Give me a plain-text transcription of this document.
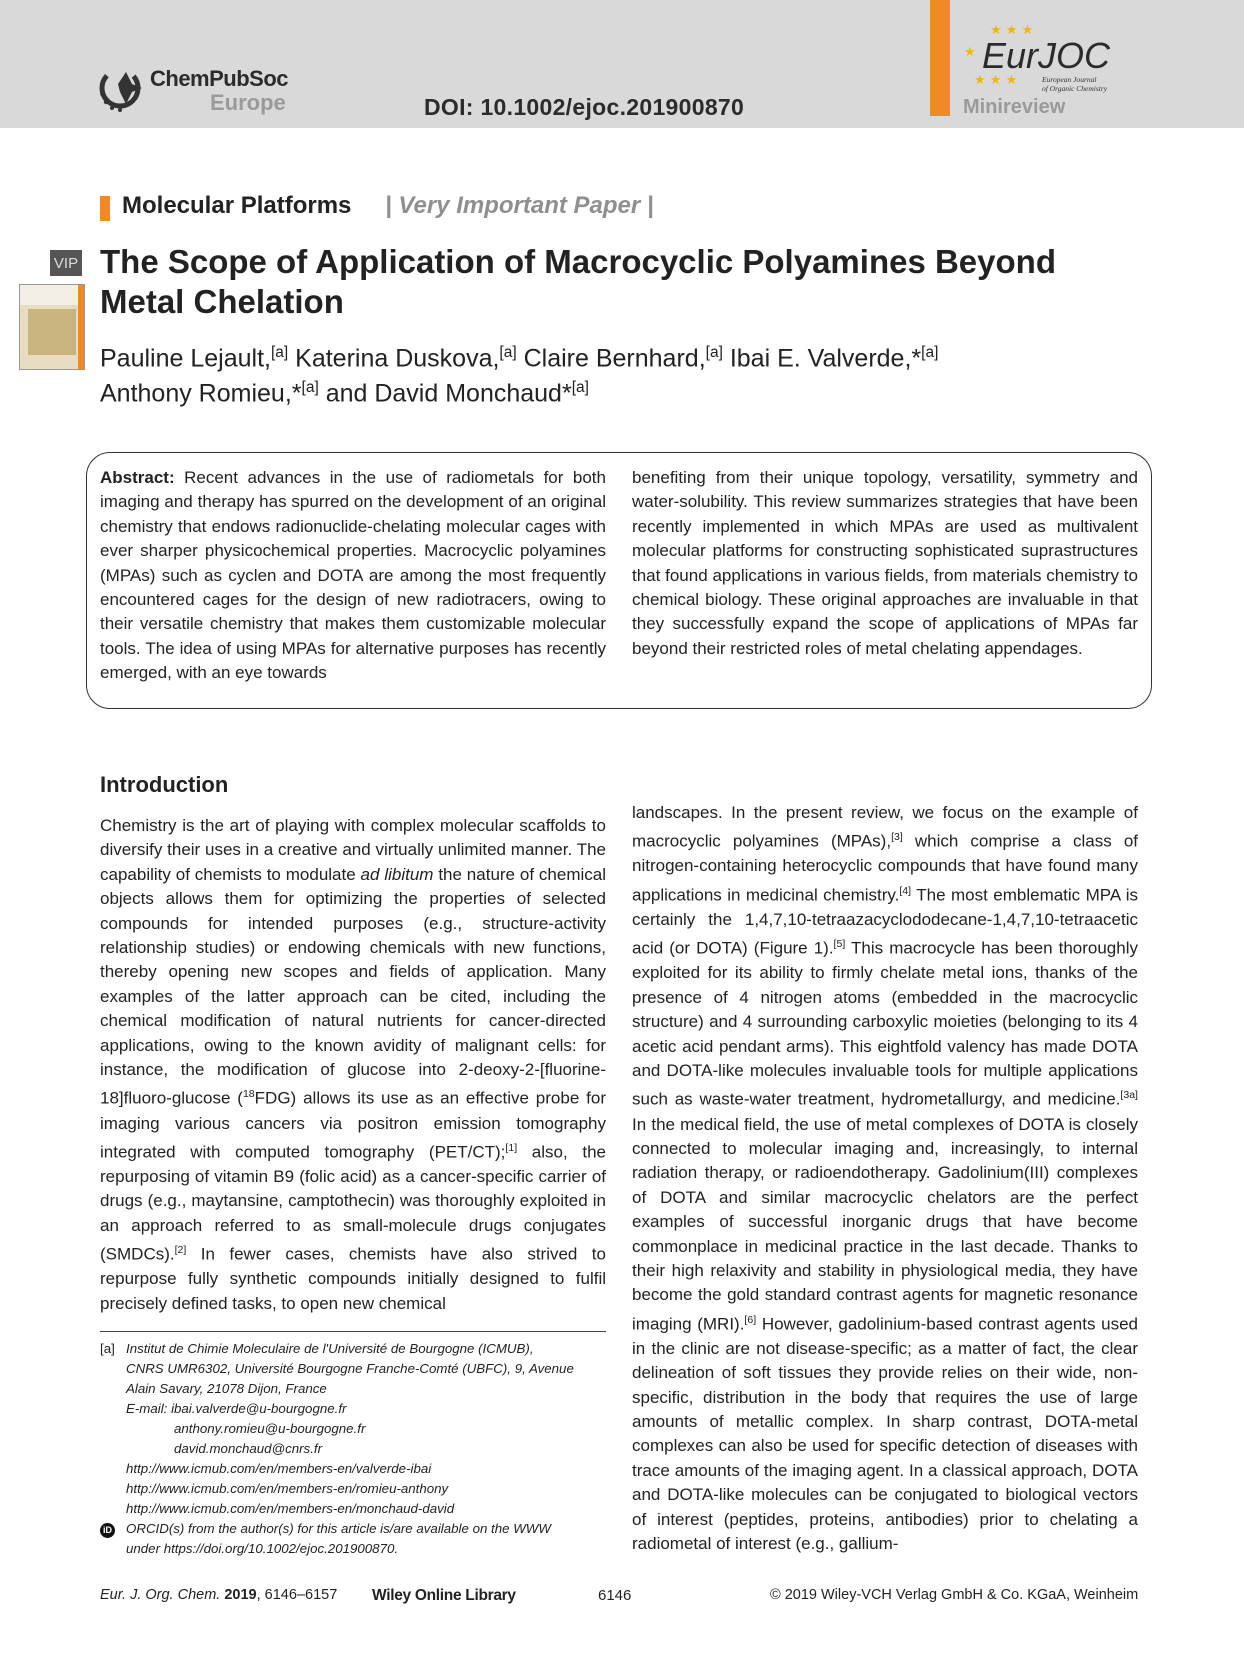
ChemPubSoc
Europe	DOI: 10.1002/ejoc.201900870
★ ★ ★
★
★ ★ ★
EurJOC
European Journal
of Organic Chemistry
Minireview
Molecular Platforms | Very Important Paper |
VIP The Scope of Application of Macrocyclic Polyamines Beyond Metal Chelation
Pauline Lejault,[a] Katerina Duskova,[a] Claire Bernhard,[a] Ibai E. Valverde,*[a]
Anthony Romieu,*[a] and David Monchaud*[a]

Abstract: Recent advances in the use of radiometals for both imaging and therapy has spurred on the development of an original chemistry that endows radionuclide-chelating molecular cages with ever sharper physicochemical properties. Macrocyclic polyamines (MPAs) such as cyclen and DOTA are among the most frequently encountered cages for the design of new radiotracers, owing to their versatile chemistry that makes them customizable molecular tools. The idea of using MPAs for alternative purposes has recently emerged, with an eye towards

benefiting from their unique topology, versatility, symmetry and water-solubility. This review summarizes strategies that have been recently implemented in which MPAs are used as multivalent molecular platforms for constructing sophisticated suprastructures that found applications in various fields, from materials chemistry to chemical biology. These original approaches are invaluable in that they successfully expand the scope of applications of MPAs far beyond their restricted roles of metal chelating appendages.

Introduction

Chemistry is the art of playing with complex molecular scaffolds to diversify their uses in a creative and virtually unlimited manner. The capability of chemists to modulate ad libitum the nature of chemical objects allows them for optimizing the properties of selected compounds for intended purposes (e.g., structure-activity relationship studies) or endowing chemicals with new functions, thereby opening new scopes and fields of application. Many examples of the latter approach can be cited, including the chemical modification of natural nutrients for cancer-directed applications, owing to the known avidity of malignant cells: for instance, the modification of glucose into 2-deoxy-2-[fluorine-18]fluoro-glucose ($^{18}$FDG) allows its use as an effective probe for imaging various cancers via positron emission tomography integrated with computed tomography (PET/CT);[1] also, the repurposing of vitamin B9 (folic acid) as a cancer-specific carrier of drugs (e.g., maytansine, camptothecin) was thoroughly exploited in an approach referred to as small-molecule drugs conjugates (SMDCs).[2] In fewer cases, chemists have also strived to repurpose fully synthetic compounds initially designed to fulfil precisely defined tasks, to open new chemical

landscapes. In the present review, we focus on the example of macrocyclic polyamines (MPAs),[3] which comprise a class of nitrogen-containing heterocyclic compounds that have found many applications in medicinal chemistry.[4] The most emblematic MPA is certainly the 1,4,7,10-tetraazacyclododecane-1,4,7,10-tetraacetic acid (or DOTA) (Figure 1).[5] This macrocycle has been thoroughly exploited for its ability to firmly chelate metal ions, thanks of the presence of 4 nitrogen atoms (embedded in the macrocyclic structure) and 4 surrounding carboxylic moieties (belonging to its 4 acetic acid pendant arms). This eightfold valency has made DOTA and DOTA-like molecules invaluable tools for multiple applications such as waste-water treatment, hydrometallurgy, and medicine.[3a] In the medical field, the use of metal complexes of DOTA is closely connected to molecular imaging and, increasingly, to internal radiation therapy, or radioendotherapy. Gadolinium(III) complexes of DOTA and similar macrocyclic chelators are the perfect examples of successful inorganic drugs that have become commonplace in medicinal practice in the last decade. Thanks to their high relaxivity and stability in physiological media, they have become the gold standard contrast agents for magnetic resonance imaging (MRI).[6] However, gadolinium-based contrast agents used in the clinic are not disease-specific; as a matter of fact, the clear delineation of soft tissues they provide relies on their wide, non-specific, distribution in the body that requires the use of large amounts of metallic complex. In sharp contrast, DOTA-metal complexes can also be used for specific detection of diseases with trace amounts of the imaging agent. In a classical approach, DOTA and DOTA-like molecules can be conjugated to biological vectors of interest (peptides, proteins, antibodies) prior to chelating a radiometal of interest (e.g., gallium-

[a] Institut de Chimie Moleculaire de l'Université de Bourgogne (ICMUB),
CNRS UMR6302, Université Bourgogne Franche-Comté (UBFC), 9, Avenue
Alain Savary, 21078 Dijon, France
E-mail: ibai.valverde@u-bourgogne.fr
anthony.romieu@u-bourgogne.fr
david.monchaud@cnrs.fr
http://www.icmub.com/en/members-en/valverde-ibai
http://www.icmub.com/en/members-en/romieu-anthony
http://www.icmub.com/en/members-en/monchaud-david
iD	ORCID(s) from the author(s) for this article is/are available on the WWW
under https://doi.org/10.1002/ejoc.201900870.
Eur. J. Org. Chem. 2019, 6146–6157 Wiley Online Library	6146	© 2019 Wiley-VCH Verlag GmbH & Co. KGaA, Weinheim
